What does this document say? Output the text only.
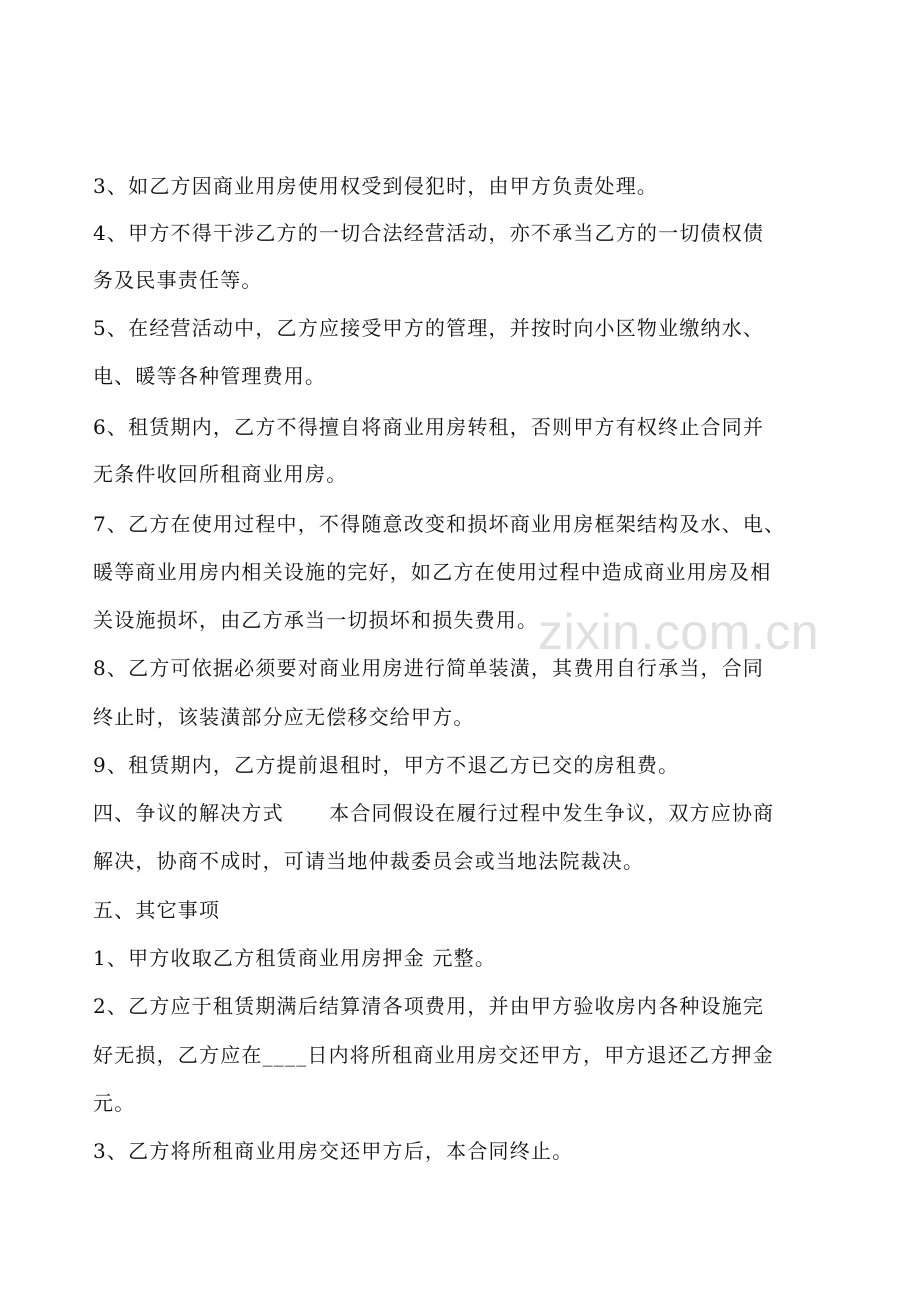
3、如乙方因商业用房使用权受到侵犯时，由甲方负责处理。
4、甲方不得干涉乙方的一切合法经营活动，亦不承当乙方的一切债权债
务及民事责任等。
5、在经营活动中，乙方应接受甲方的管理，并按时向小区物业缴纳水、
电、暖等各种管理费用。
6、租赁期内，乙方不得擅自将商业用房转租，否则甲方有权终止合同并
无条件收回所租商业用房。
7、乙方在使用过程中，不得随意改变和损坏商业用房框架结构及水、电、
暖等商业用房内相关设施的完好，如乙方在使用过程中造成商业用房及相
关设施损坏，由乙方承当一切损坏和损失费用。
8、乙方可依据必须要对商业用房进行简单装潢，其费用自行承当，合同
终止时，该装潢部分应无偿移交给甲方。
9、租赁期内，乙方提前退租时，甲方不退乙方已交的房租费。
四、争议的解决方式      本合同假设在履行过程中发生争议，双方应协商
解决，协商不成时，可请当地仲裁委员会或当地法院裁决。
五、其它事项
1、甲方收取乙方租赁商业用房押金 元整。
2、乙方应于租赁期满后结算清各项费用，并由甲方验收房内各种设施完
好无损，乙方应在____日内将所租商业用房交还甲方，甲方退还乙方押金
元。
3、乙方将所租商业用房交还甲方后，本合同终止。
zixin.com.cn
